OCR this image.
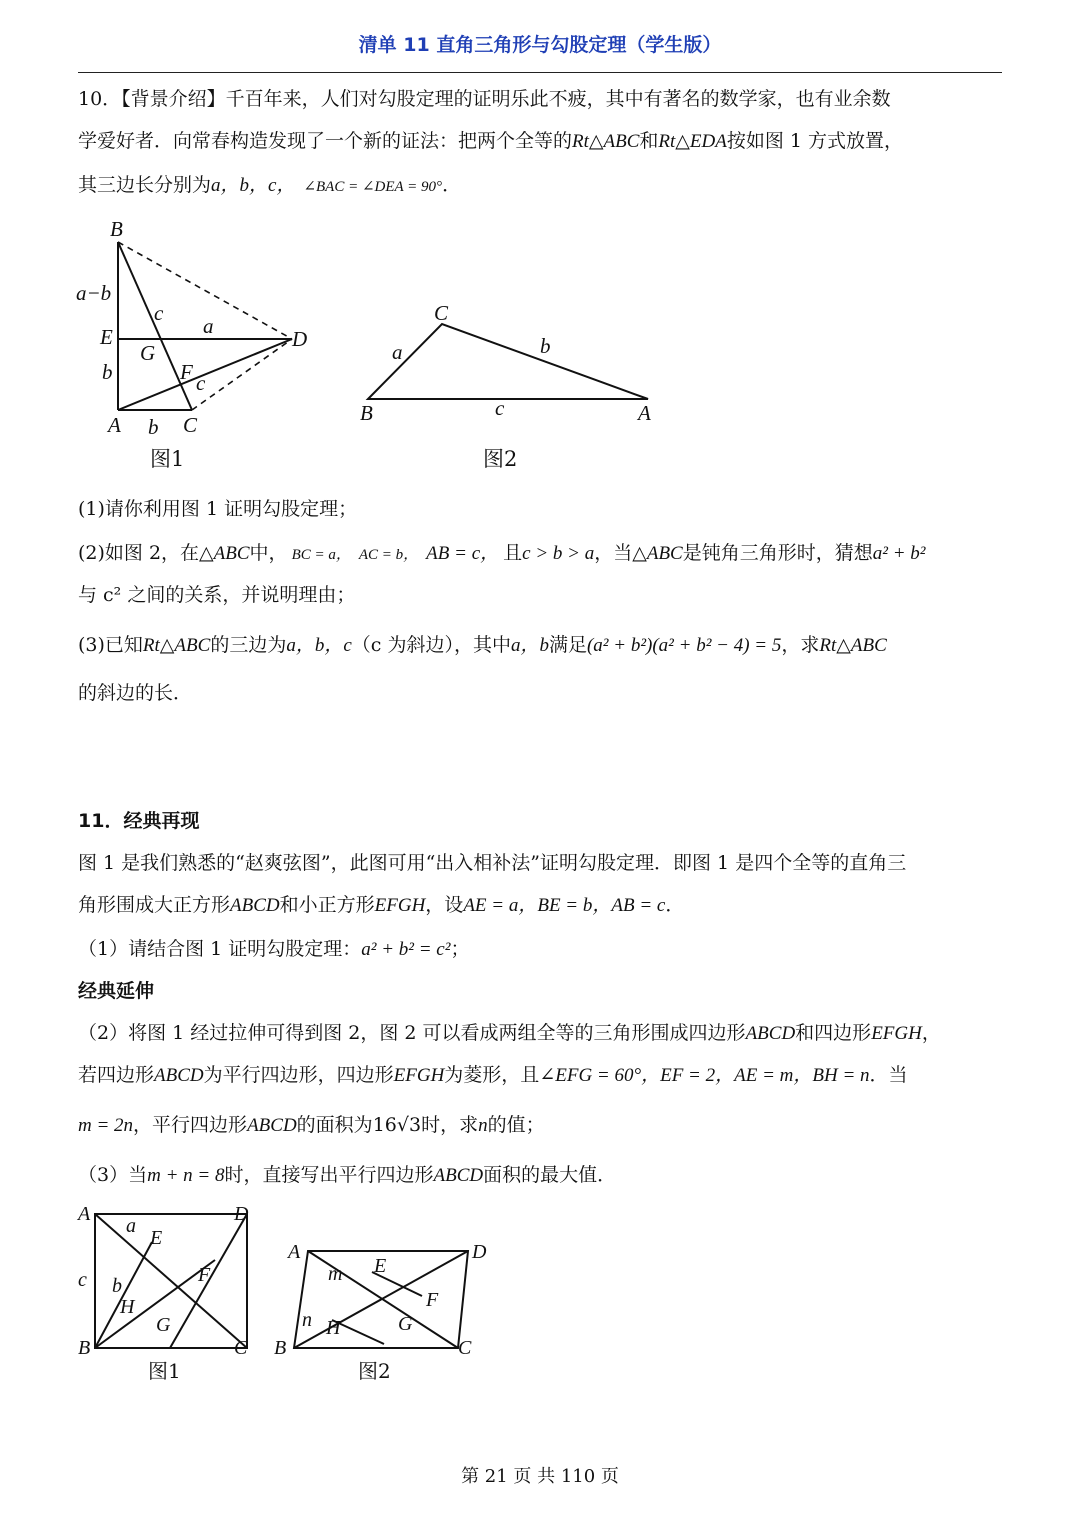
清单 11 直角三角形与勾股定理（学生版）
10．【背景介绍】千百年来，人们对勾股定理的证明乐此不疲，其中有著名的数学家，也有业余数
学爱好者．向常春构造发现了一个新的证法：把两个全等的Rt△ABC和Rt△EDA按如图 1 方式放置，
其三边长分别为a，b，c， ∠BAC = ∠DEA = 90°．
B
a−b
E
b
A b C
c
G
a
F c
D
图1
C
a	b
B	c	A
图2
(1)请你利用图 1 证明勾股定理；
(2)如图 2，在△ABC中， BC = a， AC = b， AB = c， 且c > b > a，当△ABC是钝角三角形时，猜想a² + b²
与 c² 之间的关系，并说明理由；
(3)已知Rt△ABC的三边为a，b，c（c 为斜边），其中a，b满足(a² + b²)(a² + b² − 4) = 5，求Rt△ABC
的斜边的长．
11．经典再现
图 1 是我们熟悉的“赵爽弦图”，此图可用“出入相补法”证明勾股定理．即图 1 是四个全等的直角三
角形围成大正方形ABCD和小正方形EFGH，设AE = a，BE = b，AB = c．
（1）请结合图 1 证明勾股定理：a² + b² = c²；
经典延伸
（2）将图 1 经过拉伸可得到图 2，图 2 可以看成两组全等的三角形围成四边形ABCD和四边形EFGH，
若四边形ABCD为平行四边形，四边形EFGH为菱形，且∠EFG = 60°，EF = 2，AE = m，BH = n．当
m = 2n，平行四边形ABCD的面积为16√3时，求n的值；
（3）当m + n = 8时，直接写出平行四边形ABCD面积的最大值．
A	D
a
E
c b	F
H
G
B	C
图1
A	D
m E
F
n H	G
B	C
图2
第 21 页 共 110 页
